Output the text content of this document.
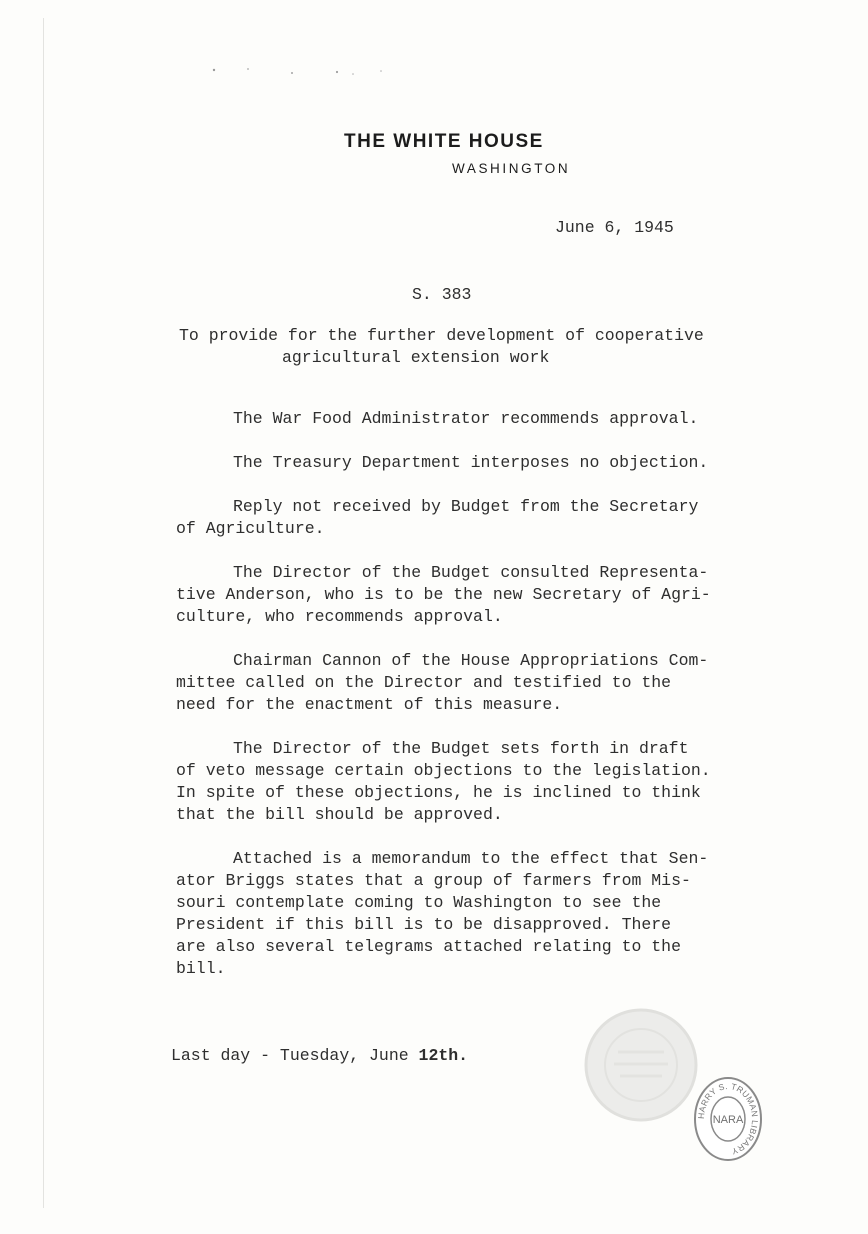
THE WHITE HOUSE
WASHINGTON
June 6, 1945
S. 383
To provide for the further development of cooperative
agricultural extension work
The War Food Administrator recommends approval.
The Treasury Department interposes no objection.
Reply not received by Budget from the Secretary
of Agriculture.
The Director of the Budget consulted Representa-
tive Anderson, who is to be the new Secretary of Agri-
culture, who recommends approval.
Chairman Cannon of the House Appropriations Com-
mittee called on the Director and testified to the
need for the enactment of this measure.
The Director of the Budget sets forth in draft
of veto message certain objections to the legislation.
In spite of these objections, he is inclined to think
that the bill should be approved.
Attached is a memorandum to the effect that Sen-
ator Briggs states that a group of farmers from Mis-
souri contemplate coming to Washington to see the
President if this bill is to be disapproved. There
are also several telegrams attached relating to the
bill.
Last day - Tuesday, June 12th.
HARRY S. TRUMAN LIBRARY
NARA
